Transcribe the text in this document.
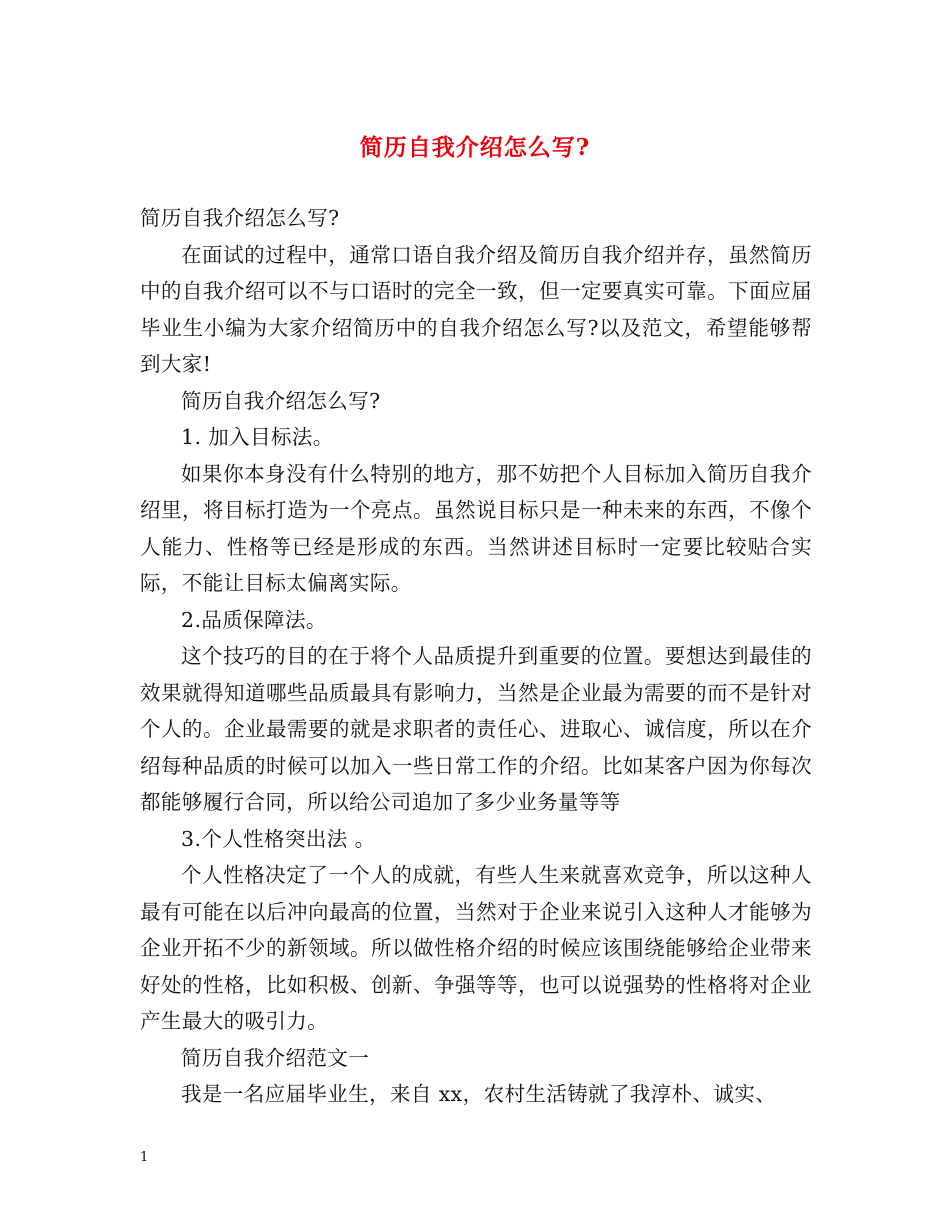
简历自我介绍怎么写?

简历自我介绍怎么写?

在面试的过程中，通常口语自我介绍及简历自我介绍并存，虽然简历中的自我介绍可以不与口语时的完全一致，但一定要真实可靠。下面应届毕业生小编为大家介绍简历中的自我介绍怎么写?以及范文，希望能够帮到大家!

简历自我介绍怎么写?

1. 加入目标法。

如果你本身没有什么特别的地方，那不妨把个人目标加入简历自我介绍里，将目标打造为一个亮点。虽然说目标只是一种未来的东西，不像个人能力、性格等已经是形成的东西。当然讲述目标时一定要比较贴合实际，不能让目标太偏离实际。

2.品质保障法。

这个技巧的目的在于将个人品质提升到重要的位置。要想达到最佳的效果就得知道哪些品质最具有影响力，当然是企业最为需要的而不是针对个人的。企业最需要的就是求职者的责任心、进取心、诚信度，所以在介绍每种品质的时候可以加入一些日常工作的介绍。比如某客户因为你每次都能够履行合同，所以给公司追加了多少业务量等等

3.个人性格突出法 。

个人性格决定了一个人的成就，有些人生来就喜欢竞争，所以这种人最有可能在以后冲向最高的位置，当然对于企业来说引入这种人才能够为企业开拓不少的新领域。所以做性格介绍的时候应该围绕能够给企业带来好处的性格，比如积极、创新、争强等等，也可以说强势的性格将对企业产生最大的吸引力。

简历自我介绍范文一

我是一名应届毕业生，来自 xx，农村生活铸就了我淳朴、诚实、

1
